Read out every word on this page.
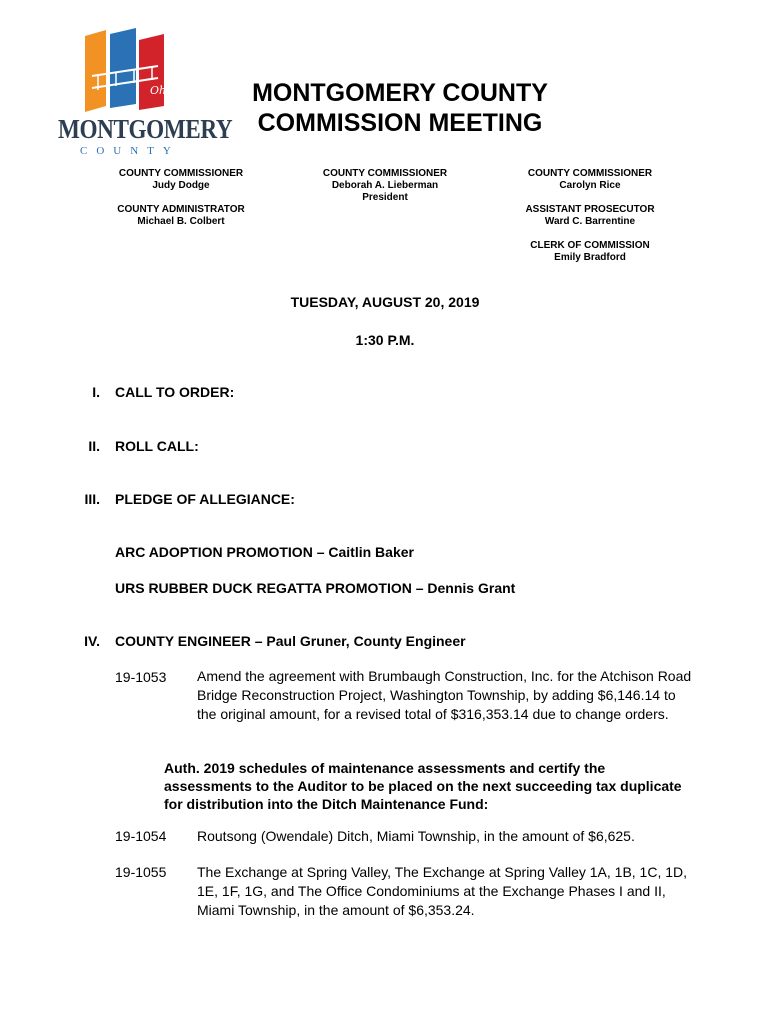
Ohio
MONTGOMERY
COUNTY
MONTGOMERY COUNTY
COMMISSION MEETING
COUNTY COMMISSIONER
Judy Dodge
COUNTY ADMINISTRATOR
Michael B. Colbert
COUNTY COMMISSIONER
Deborah A. Lieberman
President
COUNTY COMMISSIONER
Carolyn Rice
ASSISTANT PROSECUTOR
Ward C. Barrentine
CLERK OF COMMISSION
Emily Bradford
TUESDAY, AUGUST 20, 2019
1:30 P.M.
I. CALL TO ORDER:
II. ROLL CALL:
III. PLEDGE OF ALLEGIANCE:
ARC ADOPTION PROMOTION – Caitlin Baker
URS RUBBER DUCK REGATTA PROMOTION – Dennis Grant
IV. COUNTY ENGINEER – Paul Gruner, County Engineer
19-1053 Amend the agreement with Brumbaugh Construction, Inc. for the Atchison Road Bridge Reconstruction Project, Washington Township, by adding $6,146.14 to the original amount, for a revised total of $316,353.14 due to change orders.
Auth. 2019 schedules of maintenance assessments and certify the assessments to the Auditor to be placed on the next succeeding tax duplicate for distribution into the Ditch Maintenance Fund:
19-1054 Routsong (Owendale) Ditch, Miami Township, in the amount of $6,625.
19-1055 The Exchange at Spring Valley, The Exchange at Spring Valley 1A, 1B, 1C, 1D, 1E, 1F, 1G, and The Office Condominiums at the Exchange Phases I and II, Miami Township, in the amount of $6,353.24.
